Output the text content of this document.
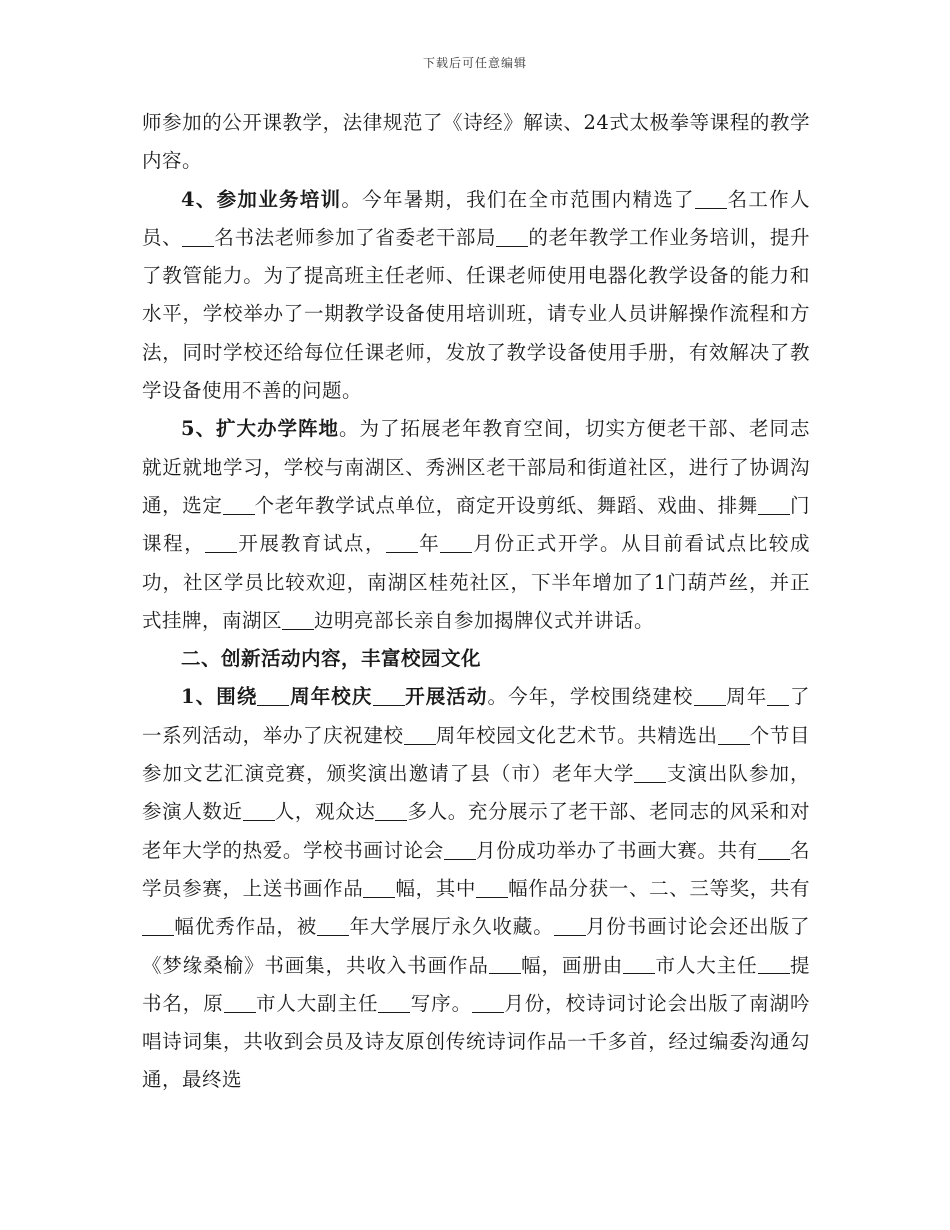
下载后可任意编辑

师参加的公开课教学，法律规范了《诗经》解读、24式太极拳等课程的教学内容。

4、参加业务培训。今年暑期，我们在全市范围内精选了 名工作人员、 名书法老师参加了省委老干部局 的老年教学工作业务培训，提升了教管能力。为了提高班主任老师、任课老师使用电器化教学设备的能力和水平，学校举办了一期教学设备使用培训班，请专业人员讲解操作流程和方法，同时学校还给每位任课老师，发放了教学设备使用手册，有效解决了教学设备使用不善的问题。

5、扩大办学阵地。为了拓展老年教育空间，切实方便老干部、老同志就近就地学习，学校与南湖区、秀洲区老干部局和街道社区，进行了协调沟通，选定 个老年教学试点单位，商定开设剪纸、舞蹈、戏曲、排舞 门课程， 开展教育试点， 年 月份正式开学。从目前看试点比较成功，社区学员比较欢迎，南湖区桂苑社区，下半年增加了1门葫芦丝，并正式挂牌，南湖区 边明亮部长亲自参加揭牌仪式并讲话。

二、创新活动内容，丰富校园文化

1、围绕 周年校庆 开展活动。今年，学校围绕建校 周年 了一系列活动，举办了庆祝建校 周年校园文化艺术节。共精选出 个节目参加文艺汇演竞赛，颁奖演出邀请了县（市）老年大学 支演出队参加，参演人数近 人，观众达 多人。充分展示了老干部、老同志的风采和对老年大学的热爱。学校书画讨论会 月份成功举办了书画大赛。共有 名学员参赛，上送书画作品 幅，其中 幅作品分获一、二、三等奖，共有幅优秀作品，被 年大学展厅永久收藏。 月份书画讨论会还出版了《梦缘桑榆》书画集，共收入书画作品 幅，画册由 市人大主任 提书名，原 市人大副主任 写序。 月份，校诗词讨论会出版了南湖吟唱诗词集，共收到会员及诗友原创传统诗词作品一千多首，经过编委沟通勾通，最终选
